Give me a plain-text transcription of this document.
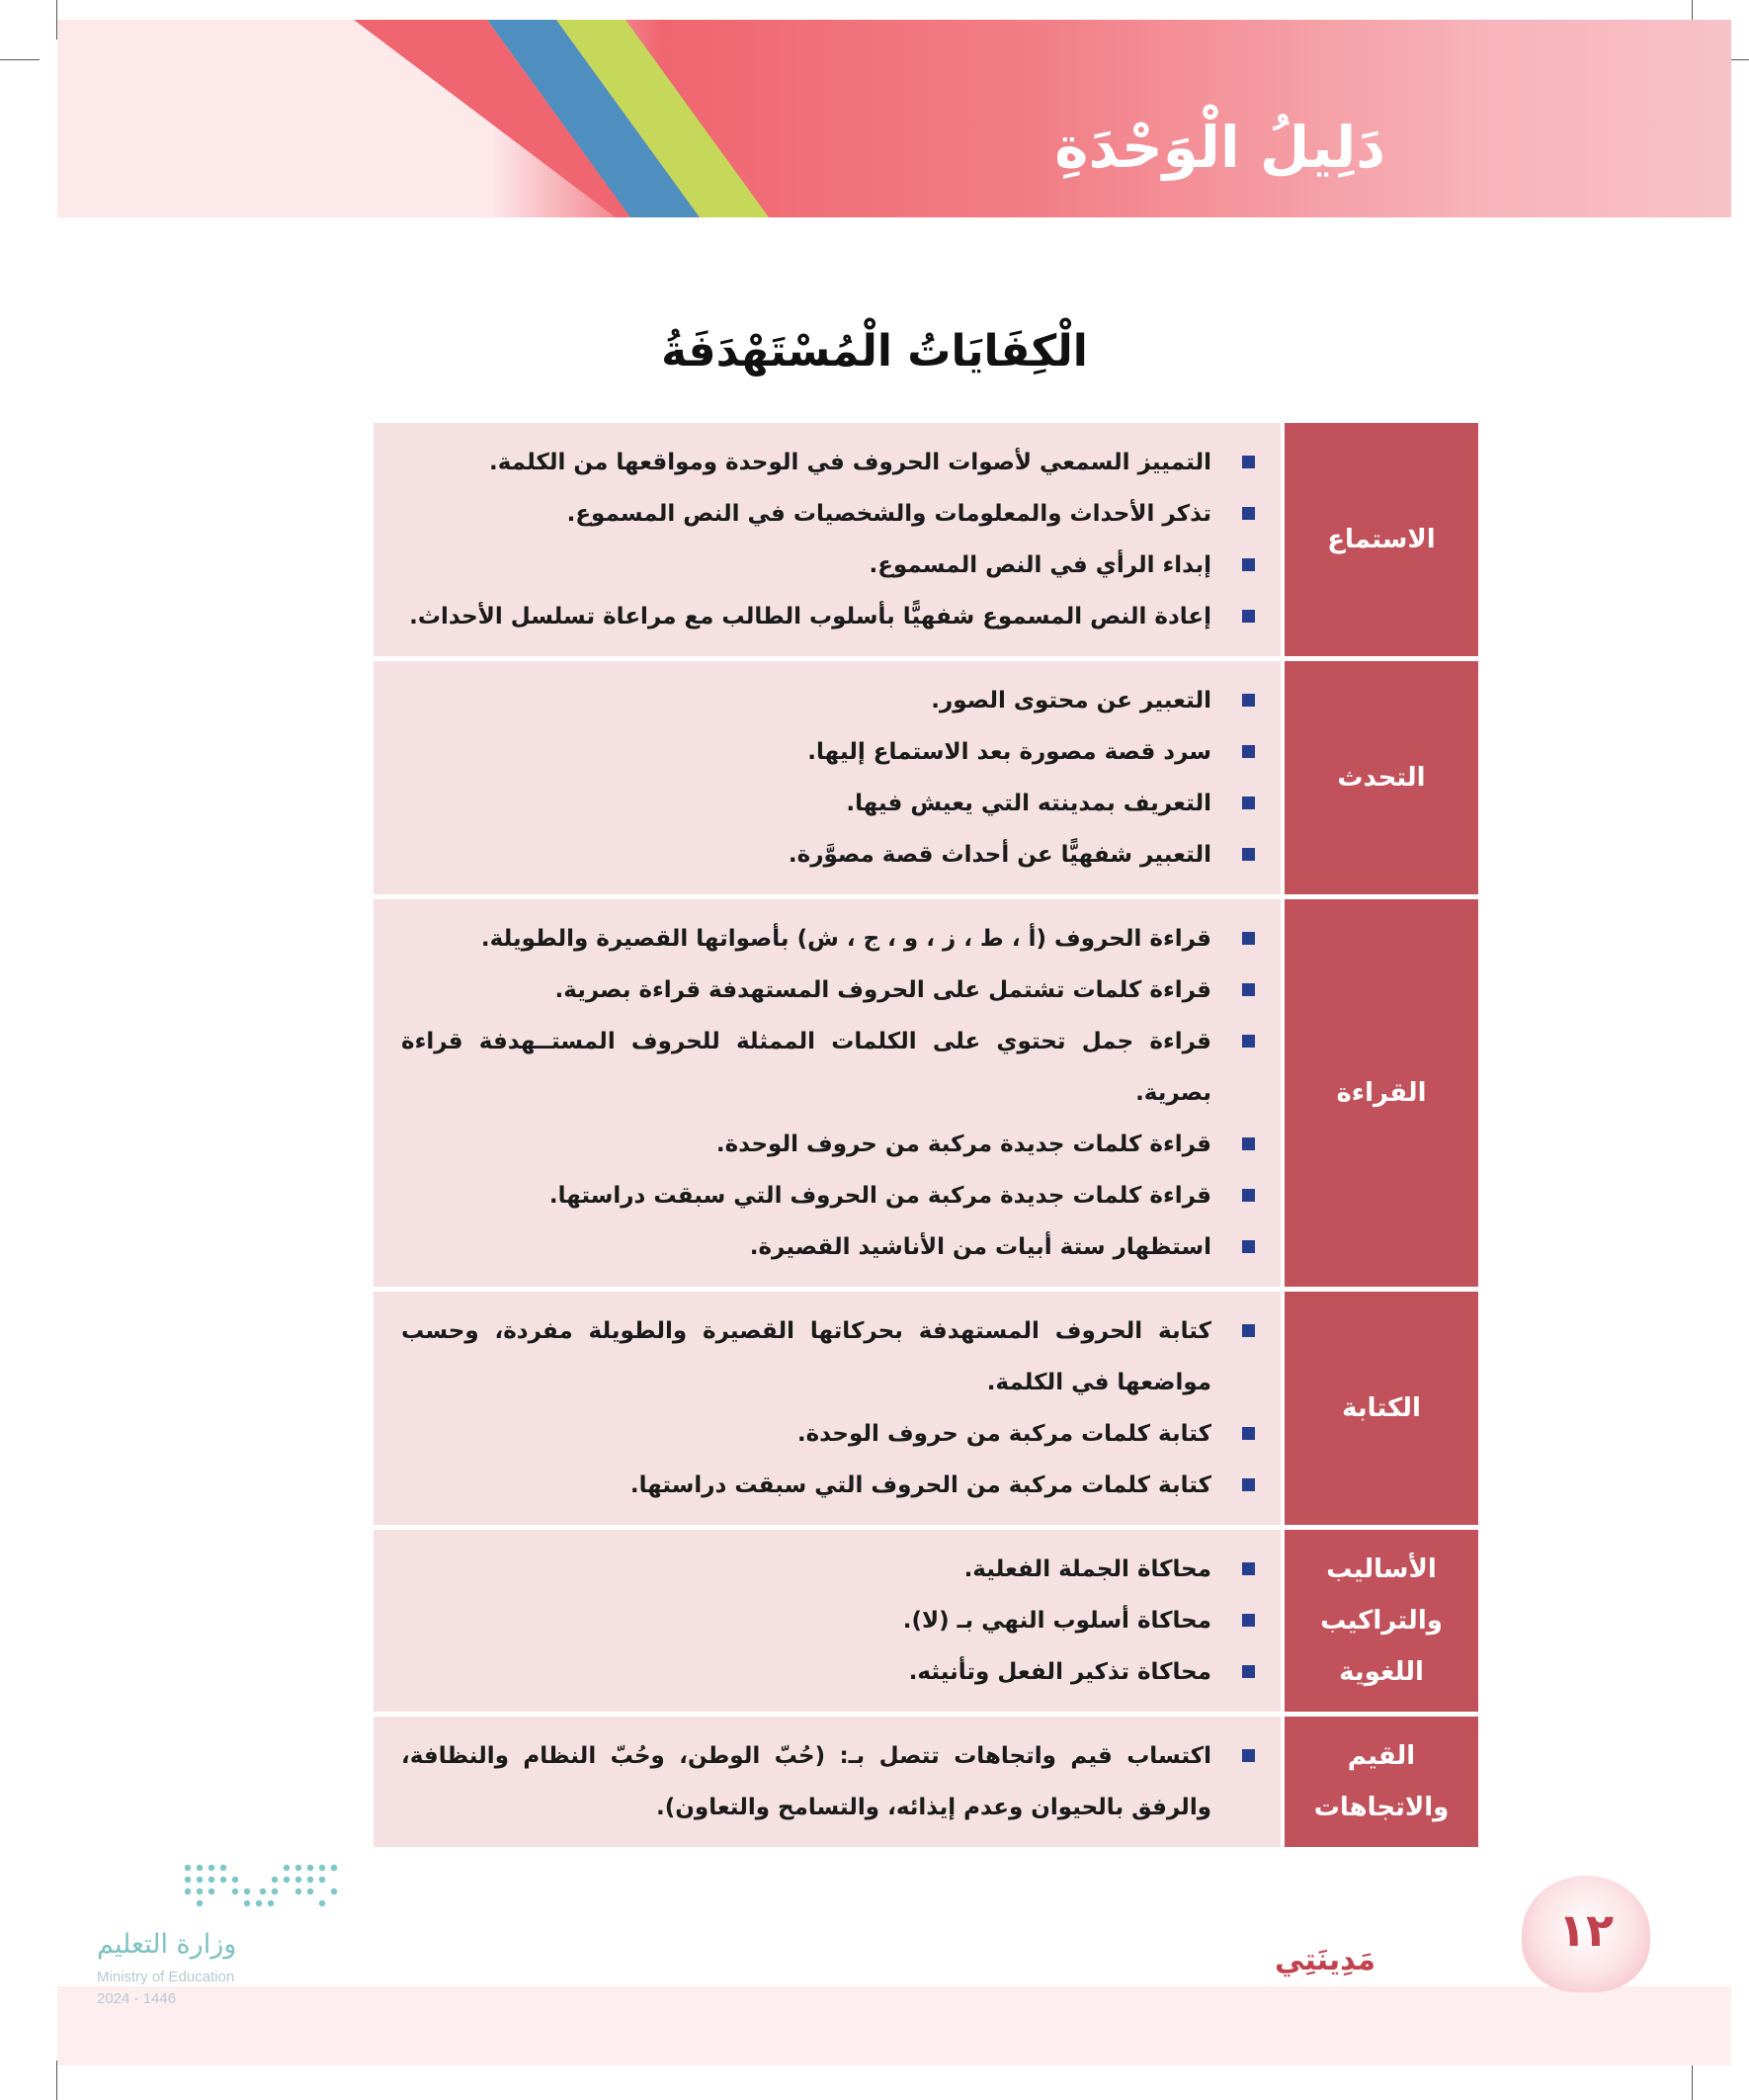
دَلِيلُ الْوَحْدَةِ
الْكِفَايَاتُ الْمُسْتَهْدَفَةُ
الاستماع
التمييز السمعي لأصوات الحروف في الوحدة ومواقعها من الكلمة.
تذكر الأحداث والمعلومات والشخصيات في النص المسموع.
إبداء الرأي في النص المسموع.
إعادة النص المسموع شفهيًّا بأسلوب الطالب مع مراعاة تسلسل الأحداث.
التحدث
التعبير عن محتوى الصور.
سرد قصة مصورة بعد الاستماع إليها.
التعريف بمدينته التي يعيش فيها.
التعبير شفهيًّا عن أحداث قصة مصوَّرة.
القراءة
قراءة الحروف (أ ، ط ، ز ، و ، ج ، ش) بأصواتها القصيرة والطويلة.
قراءة كلمات تشتمل على الحروف المستهدفة قراءة بصرية.
قراءة جمل تحتوي على الكلمات الممثلة للحروف المستــهدفة قراءة بصرية.
قراءة كلمات جديدة مركبة من حروف الوحدة.
قراءة كلمات جديدة مركبة من الحروف التي سبقت دراستها.
استظهار ستة أبيات من الأناشيد القصيرة.
الكتابة
كتابة الحروف المستهدفة بحركاتها القصيرة والطويلة مفردة، وحسب مواضعها في الكلمة.
كتابة كلمات مركبة من حروف الوحدة.
كتابة كلمات مركبة من الحروف التي سبقت دراستها.
الأساليب والتراكيب اللغوية
محاكاة الجملة الفعلية.
محاكاة أسلوب النهي بـ (لا).
محاكاة تذكير الفعل وتأنيثه.
القيم والاتجاهات
اكتساب قيم واتجاهات تتصل بـ: (حُبّ الوطن، وحُبّ النظام والنظافة، والرفق بالحيوان وعدم إيذائه، والتسامح والتعاون).
وزارة التعليم
Ministry of Education
2024 - 1446
مَدِينَتِي
١٢
